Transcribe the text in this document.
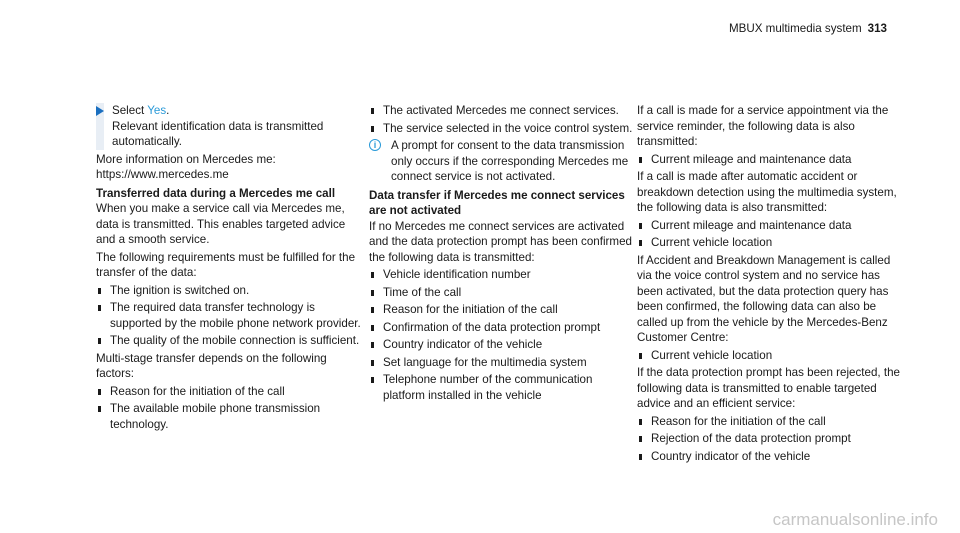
MBUX multimedia system 313
Select Yes.
Relevant identification data is transmitted automatically.

More information on Mercedes me: https://www.mercedes.me

Transferred data during a Mercedes me call

When you make a service call via Mercedes me, data is transmitted. This enables targeted advice and a smooth service.

The following requirements must be fulfilled for the transfer of the data:

The ignition is switched on.
The required data transfer technology is supported by the mobile phone network provider.
The quality of the mobile connection is sufficient.

Multi-stage transfer depends on the following factors:

Reason for the initiation of the call
The available mobile phone transmission technology.
The activated Mercedes me connect services.
The service selected in the voice control system.
i	A prompt for consent to the data transmission only occurs if the corresponding Mercedes me connect service is not activated.

Data transfer if Mercedes me connect services are not activated

If no Mercedes me connect services are activated and the data protection prompt has been confirmed the following data is transmitted:

Vehicle identification number
Time of the call
Reason for the initiation of the call
Confirmation of the data protection prompt
Country indicator of the vehicle
Set language for the multimedia system
Telephone number of the communication platform installed in the vehicle

If a call is made for a service appointment via the service reminder, the following data is also transmitted:

Current mileage and maintenance data

If a call is made after automatic accident or breakdown detection using the multimedia system, the following data is also transmitted:

Current mileage and maintenance data
Current vehicle location

If Accident and Breakdown Management is called via the voice control system and no service has been activated, but the data protection query has been confirmed, the following data can also be called up from the vehicle by the Mercedes-Benz Customer Centre:

Current vehicle location

If the data protection prompt has been rejected, the following data is transmitted to enable targeted advice and an efficient service:

Reason for the initiation of the call
Rejection of the data protection prompt
Country indicator of the vehicle
carmanualsonline.info
